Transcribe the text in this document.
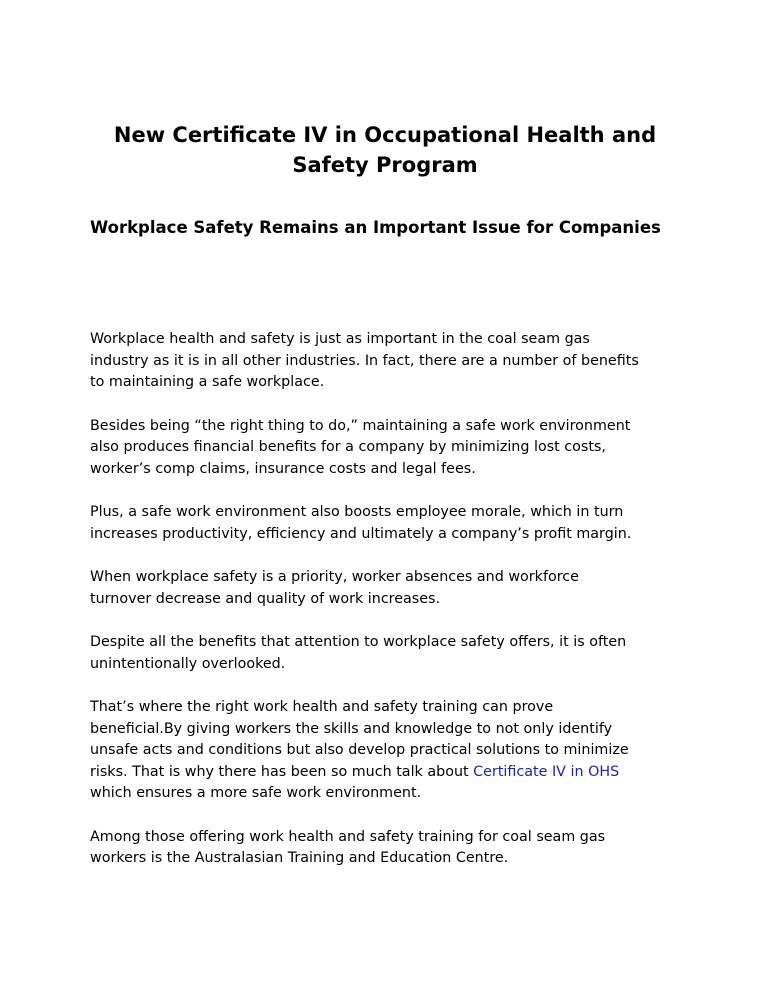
New Certificate IV in Occupational Health and Safety Program
Workplace Safety Remains an Important Issue for Companies

Workplace health and safety is just as important in the coal seam gas
industry as it is in all other industries. In fact, there are a number of benefits
to maintaining a safe workplace.

Besides being “the right thing to do,” maintaining a safe work environment
also produces financial benefits for a company by minimizing lost costs,
worker’s comp claims, insurance costs and legal fees.

Plus, a safe work environment also boosts employee morale, which in turn
increases productivity, efficiency and ultimately a company’s profit margin.

When workplace safety is a priority, worker absences and workforce
turnover decrease and quality of work increases.

Despite all the benefits that attention to workplace safety offers, it is often
unintentionally overlooked.

That’s where the right work health and safety training can prove
beneficial.By giving workers the skills and knowledge to not only identify
unsafe acts and conditions but also develop practical solutions to minimize
risks. That is why there has been so much talk about Certificate IV in OHS
which ensures a more safe work environment.

Among those offering work health and safety training for coal seam gas
workers is the Australasian Training and Education Centre.
